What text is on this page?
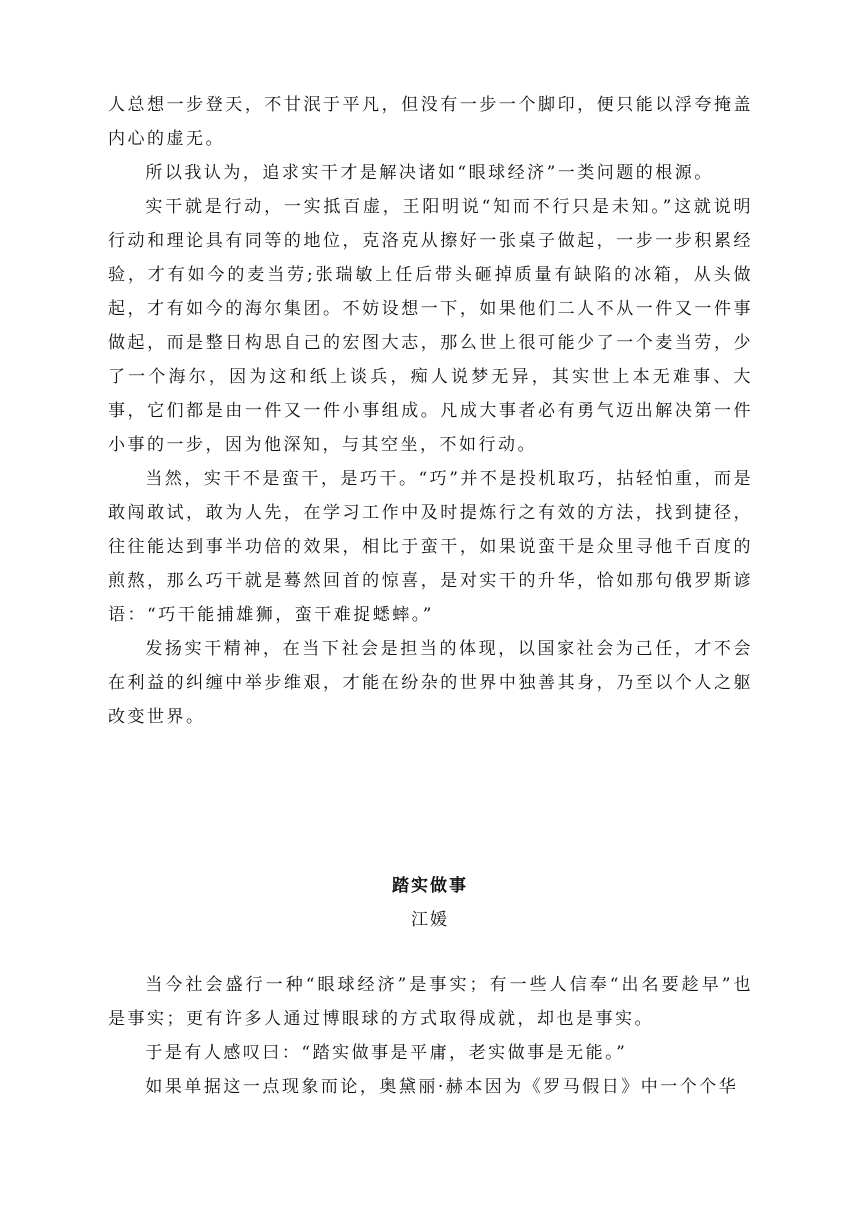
人总想一步登天，不甘泯于平凡，但没有一步一个脚印，便只能以浮夸掩盖内心的虚无。

所以我认为，追求实干才是解决诸如“眼球经济”一类问题的根源。

实干就是行动，一实抵百虚，王阳明说“知而不行只是未知。”这就说明行动和理论具有同等的地位，克洛克从擦好一张桌子做起，一步一步积累经验，才有如今的麦当劳;张瑞敏上任后带头砸掉质量有缺陷的冰箱，从头做起，才有如今的海尔集团。不妨设想一下，如果他们二人不从一件又一件事做起，而是整日构思自己的宏图大志，那么世上很可能少了一个麦当劳，少了一个海尔，因为这和纸上谈兵，痴人说梦无异，其实世上本无难事、大事，它们都是由一件又一件小事组成。凡成大事者必有勇气迈出解决第一件小事的一步，因为他深知，与其空坐，不如行动。

当然，实干不是蛮干，是巧干。“巧”并不是投机取巧，拈轻怕重，而是敢闯敢试，敢为人先，在学习工作中及时提炼行之有效的方法，找到捷径，往往能达到事半功倍的效果，相比于蛮干，如果说蛮干是众里寻他千百度的煎熬，那么巧干就是蓦然回首的惊喜，是对实干的升华，恰如那句俄罗斯谚语：“巧干能捕雄狮，蛮干难捉蟋蟀。”

发扬实干精神，在当下社会是担当的体现，以国家社会为己任，才不会在利益的纠缠中举步维艰，才能在纷杂的世界中独善其身，乃至以个人之躯改变世界。

踏实做事
江媛

当今社会盛行一种“眼球经济”是事实；有一些人信奉“出名要趁早”也是事实；更有许多人通过博眼球的方式取得成就，却也是事实。

于是有人感叹曰：“踏实做事是平庸，老实做事是无能。”

如果单据这一点现象而论，奥黛丽·赫本因为《罗马假日》中一个个华
